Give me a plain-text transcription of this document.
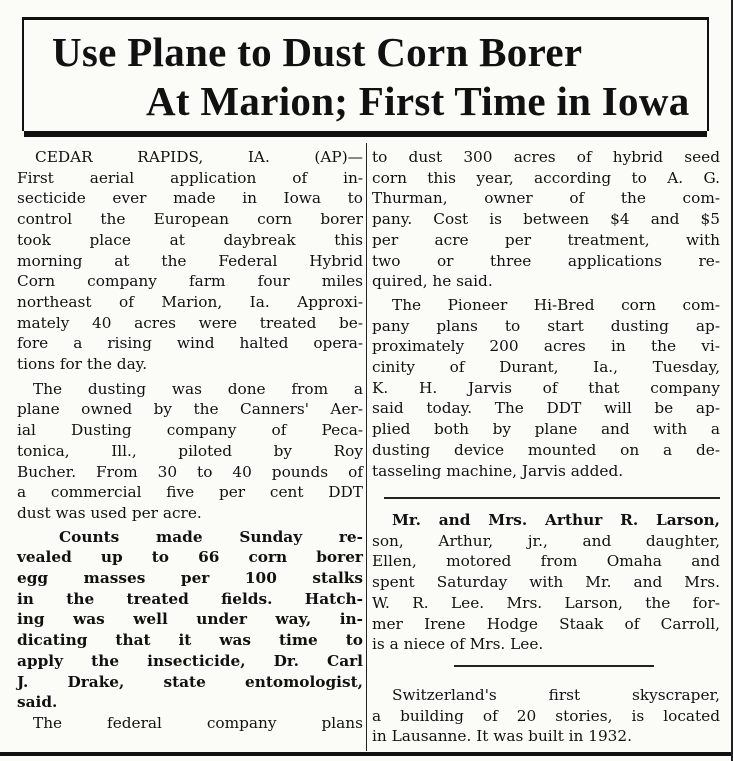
Use Plane to Dust Corn Borer
At Marion; First Time in Iowa
CEDAR RAPIDS, IA. (AP)—
First aerial application of in-
secticide ever made in Iowa to
control the European corn borer
took place at daybreak this
morning at the Federal Hybrid
Corn company farm four miles
northeast of Marion, Ia. Approxi-
mately 40 acres were treated be-
fore a rising wind halted opera-
tions for the day.
The dusting was done from a
plane owned by the Canners' Aer-
ial Dusting company of Peca-
tonica, Ill., piloted by Roy
Bucher. From 30 to 40 pounds of
a commercial five per cent DDT
dust was used per acre.
Counts made Sunday re-
vealed up to 66 corn borer
egg masses per 100 stalks
in the treated fields. Hatch-
ing was well under way, in-
dicating that it was time to
apply the insecticide, Dr. Carl
J. Drake, state entomologist,
said.
The federal company plans
to dust 300 acres of hybrid seed
corn this year, according to A. G.
Thurman, owner of the com-
pany. Cost is between $4 and $5
per acre per treatment, with
two or three applications re-
quired, he said.
The Pioneer Hi-Bred corn com-
pany plans to start dusting ap-
proximately 200 acres in the vi-
cinity of Durant, Ia., Tuesday,
K. H. Jarvis of that company
said today. The DDT will be ap-
plied both by plane and with a
dusting device mounted on a de-
tasseling machine, Jarvis added.
Mr. and Mrs. Arthur R. Larson,
son, Arthur, jr., and daughter,
Ellen, motored from Omaha and
spent Saturday with Mr. and Mrs.
W. R. Lee. Mrs. Larson, the for-
mer Irene Hodge Staak of Carroll,
is a niece of Mrs. Lee.
Switzerland's first skyscraper,
a building of 20 stories, is located
in Lausanne. It was built in 1932.
